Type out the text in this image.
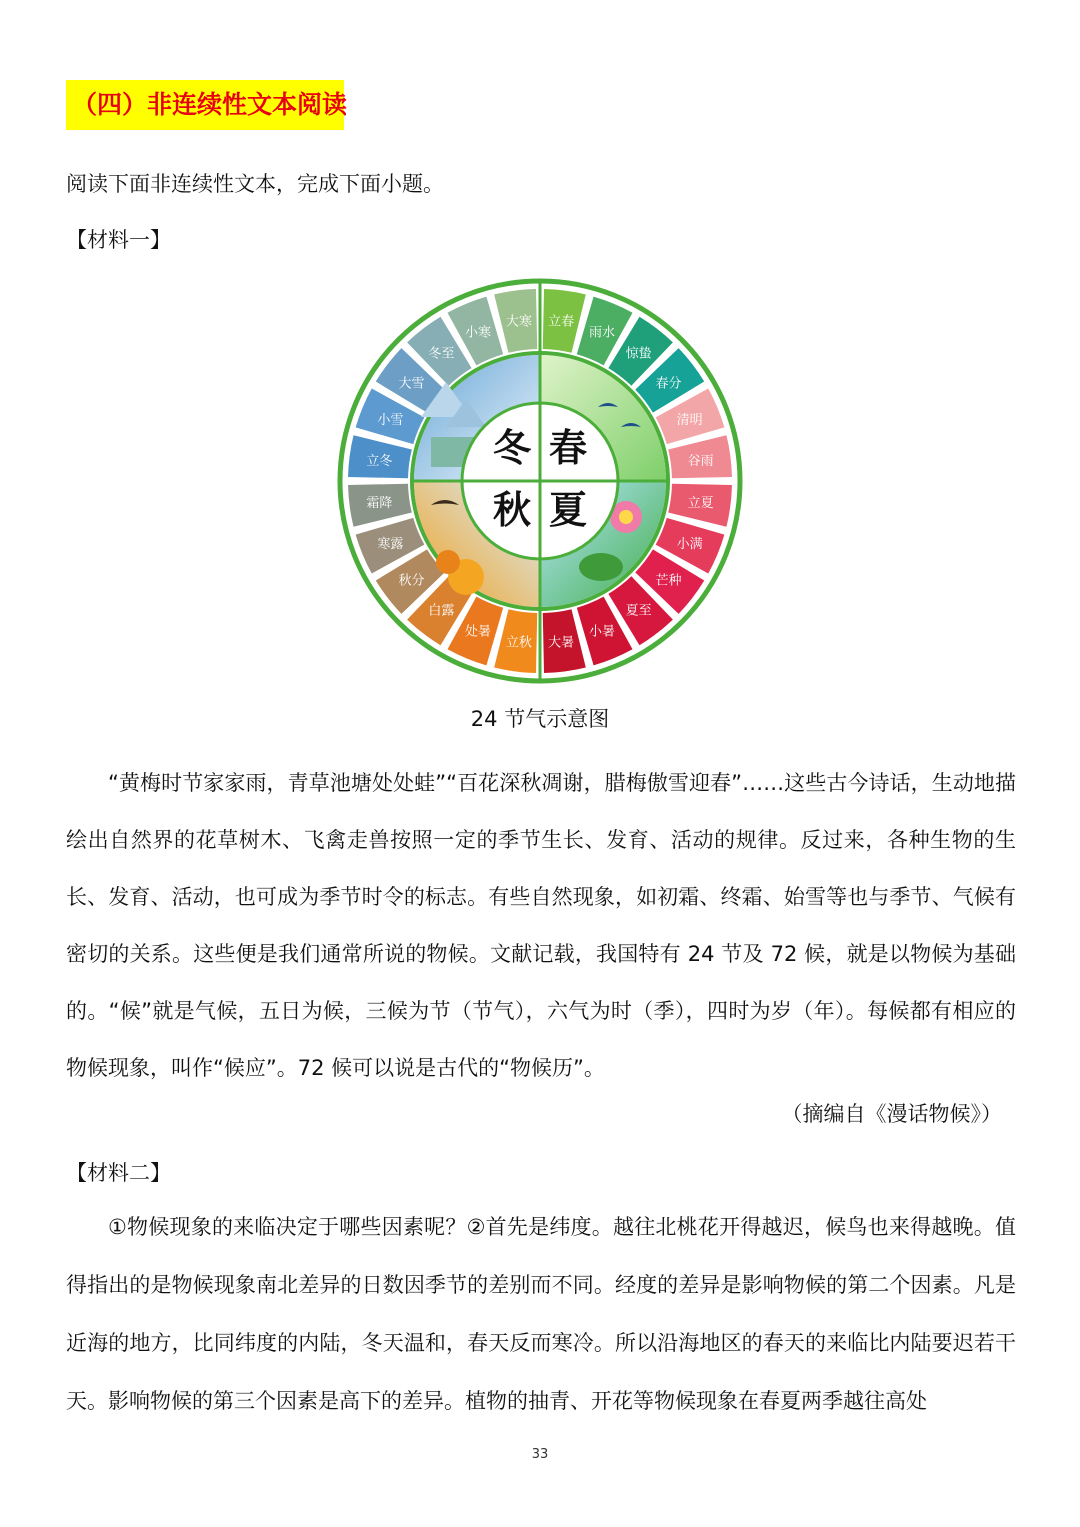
（四）非连续性文本阅读
阅读下面非连续性文本，完成下面小题。
【材料一】
立春
雨水
惊蛰
春分
清明
谷雨
立夏
小满
芒种
夏至
小暑
大暑
立秋
处暑
白露
秋分
寒露
霜降
立冬
小雪
大雪
冬至
小寒
大寒
春
冬
秋 夏
24 节气示意图

“黄梅时节家家雨，青草池塘处处蛙”“百花深秋凋谢，腊梅傲雪迎春”……这些古今诗话，生动地描绘出自然界的花草树木、飞禽走兽按照一定的季节生长、发育、活动的规律。反过来，各种生物的生长、发育、活动，也可成为季节时令的标志。有些自然现象，如初霜、终霜、始雪等也与季节、气候有密切的关系。这些便是我们通常所说的物候。文献记载，我国特有 24 节及 72 候，就是以物候为基础的。“候”就是气候，五日为候，三候为节（节气），六气为时（季），四时为岁（年）。每候都有相应的物候现象，叫作“候应”。72 候可以说是古代的“物候历”。

（摘编自《漫话物候》）
【材料二】

①物候现象的来临决定于哪些因素呢？②首先是纬度。越往北桃花开得越迟，候鸟也来得越晚。值得指出的是物候现象南北差异的日数因季节的差别而不同。经度的差异是影响物候的第二个因素。凡是近海的地方，比同纬度的内陆，冬天温和，春天反而寒冷。所以沿海地区的春天的来临比内陆要迟若干天。影响物候的第三个因素是高下的差异。植物的抽青、开花等物候现象在春夏两季越往高处

33
